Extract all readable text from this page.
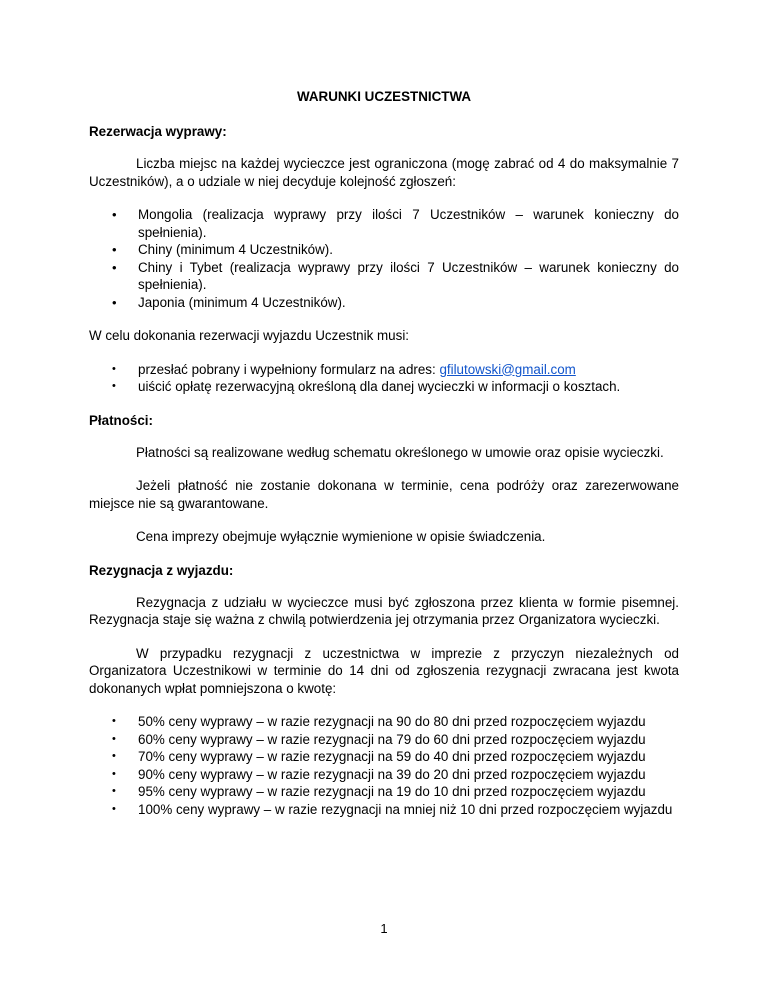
WARUNKI UCZESTNICTWA
Rezerwacja wyprawy:

Liczba miejsc na każdej wycieczce jest ograniczona (mogę zabrać od 4 do maksymalnie 7 Uczestników), a o udziale w niej decyduje kolejność zgłoszeń:

• Mongolia (realizacja wyprawy przy ilości 7 Uczestników – warunek konieczny do spełnienia).
• Chiny (minimum 4 Uczestników).
• Chiny i Tybet (realizacja wyprawy przy ilości 7 Uczestników – warunek konieczny do spełnienia).
• Japonia (minimum 4 Uczestników).

W celu dokonania rezerwacji wyjazdu Uczestnik musi:

• przesłać pobrany i wypełniony formularz na adres: gfilutowski@gmail.com
• uiścić opłatę rezerwacyjną określoną dla danej wycieczki w informacji o kosztach.
Płatności:

Płatności są realizowane według schematu określonego w umowie oraz opisie wycieczki.

Jeżeli płatność nie zostanie dokonana w terminie, cena podróży oraz zarezerwowane miejsce nie są gwarantowane.

Cena imprezy obejmuje wyłącznie wymienione w opisie świadczenia.

Rezygnacja z wyjazdu:

Rezygnacja z udziału w wycieczce musi być zgłoszona przez klienta w formie pisemnej. Rezygnacja staje się ważna z chwilą potwierdzenia jej otrzymania przez Organizatora wycieczki.

W przypadku rezygnacji z uczestnictwa w imprezie z przyczyn niezależnych od Organizatora Uczestnikowi w terminie do 14 dni od zgłoszenia rezygnacji zwracana jest kwota dokonanych wpłat pomniejszona o kwotę:

• 50% ceny wyprawy – w razie rezygnacji na 90 do 80 dni przed rozpoczęciem wyjazdu
• 60% ceny wyprawy – w razie rezygnacji na 79 do 60 dni przed rozpoczęciem wyjazdu
• 70% ceny wyprawy – w razie rezygnacji na 59 do 40 dni przed rozpoczęciem wyjazdu
• 90% ceny wyprawy – w razie rezygnacji na 39 do 20 dni przed rozpoczęciem wyjazdu
• 95% ceny wyprawy – w razie rezygnacji na 19 do 10 dni przed rozpoczęciem wyjazdu
• 100% ceny wyprawy – w razie rezygnacji na mniej niż 10 dni przed rozpoczęciem wyjazdu
1
